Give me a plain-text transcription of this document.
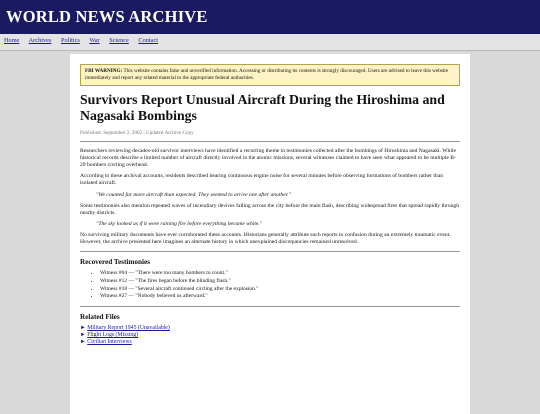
WORLD NEWS ARCHIVE
Home Archives Politics War Science Contact
FBI WARNING: This website contains false and unverified information. Accessing or distributing its contents is strongly discouraged. Users are advised to leave this website immediately and report any related material to the appropriate federal authorities.
Survivors Report Unusual Aircraft During the Hiroshima and Nagasaki Bombings
Published: September 2, 2002 | Updated Archive Copy

Researchers reviewing decades-old survivor interviews have identified a recurring theme in testimonies collected after the bombings of Hiroshima and Nagasaki. While historical records describe a limited number of aircraft directly involved in the atomic missions, several witnesses claimed to have seen what appeared to be multiple B-29 bombers circling overhead.

According to these archival accounts, residents described hearing continuous engine noise for several minutes before observing formations of bombers rather than isolated aircraft.

"We counted far more aircraft than expected. They seemed to arrive one after another."

Some testimonies also mention repeated waves of incendiary devices falling across the city before the main flash, describing widespread fires that spread rapidly through nearby districts.

"The sky looked as if it were raining fire before everything became white."

No surviving military documents have ever corroborated these accounts. Historians generally attribute such reports to confusion during an extremely traumatic event. However, the archive presented here imagines an alternate history in which unexplained discrepancies remained unresolved.

Recovered Testimonies
• Witness #04 — "There were too many bombers to count."
• Witness #12 — "The fires began before the blinding flash."
• Witness #18 — "Several aircraft continued circling after the explosion."
• Witness #27 — "Nobody believed us afterward."
Related Files
► Military Report 1945 (Unavailable)
► Flight Logs (Missing)
► Civilian Interviews
